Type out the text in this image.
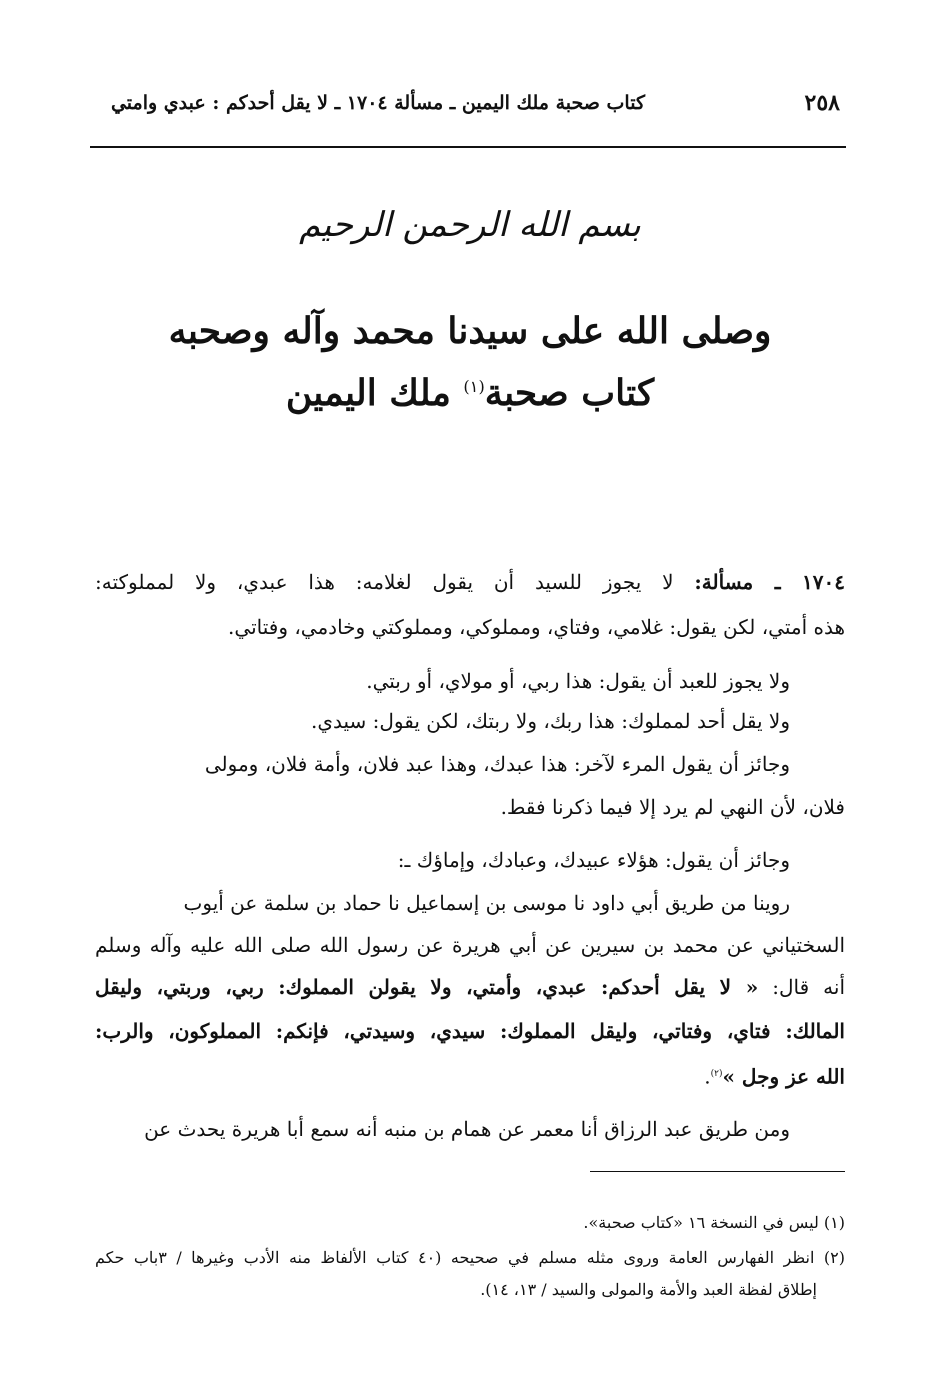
٢٥٨
كتاب صحبة ملك اليمين ـ مسألة ١٧٠٤ ـ لا يقل أحدكم : عبدي وامتي
بسم الله الرحمن الرحيم
وصلى الله على سيدنا محمد وآله وصحبه
كتاب صحبة$^{(١)}$ ملك اليمين
١٧٠٤ ـ مسألة: لا يجوز للسيد أن يقول لغلامه: هذا عبدي، ولا لمملوكته:
هذه أمتي، لكن يقول: غلامي، وفتاي، ومملوكي، ومملوكتي وخادمي، وفتاتي.
ولا يجوز للعبد أن يقول: هذا ربي، أو مولاي، أو ربتي.
ولا يقل أحد لمملوك: هذا ربك، ولا ربتك، لكن يقول: سيدي.
وجائز أن يقول المرء لآخر: هذا عبدك، وهذا عبد فلان، وأمة فلان، ومولى
فلان، لأن النهي لم يرد إلا فيما ذكرنا فقط.
وجائز أن يقول: هؤلاء عبيدك، وعبادك، وإماؤك ـ:
روينا من طريق أبي داود نا موسى بن إسماعيل نا حماد بن سلمة عن أيوب
السختياني عن محمد بن سيرين عن أبي هريرة عن رسول الله صلى الله عليه وآله وسلم
أنه قال: « لا يقل أحدكم: عبدي، وأمتي، ولا يقولن المملوك: ربي، وربتي، وليقل
المالك: فتاي، وفتاتي، وليقل المملوك: سيدي، وسيدتي، فإنكم: المملوكون، والرب:
الله عز وجل »$^{(٢)}$.
ومن طريق عبد الرزاق أنا معمر عن همام بن منبه أنه سمع أبا هريرة يحدث عن
(١) ليس في النسخة ١٦ «كتاب صحبة».
(٢) انظر الفهارس العامة وروى مثله مسلم في صحيحه (٤٠ كتاب الألفاظ منه الأدب وغيرها / ٣باب حكم
إطلاق لفظة العبد والأمة والمولى والسيد / ١٣، ١٤).
